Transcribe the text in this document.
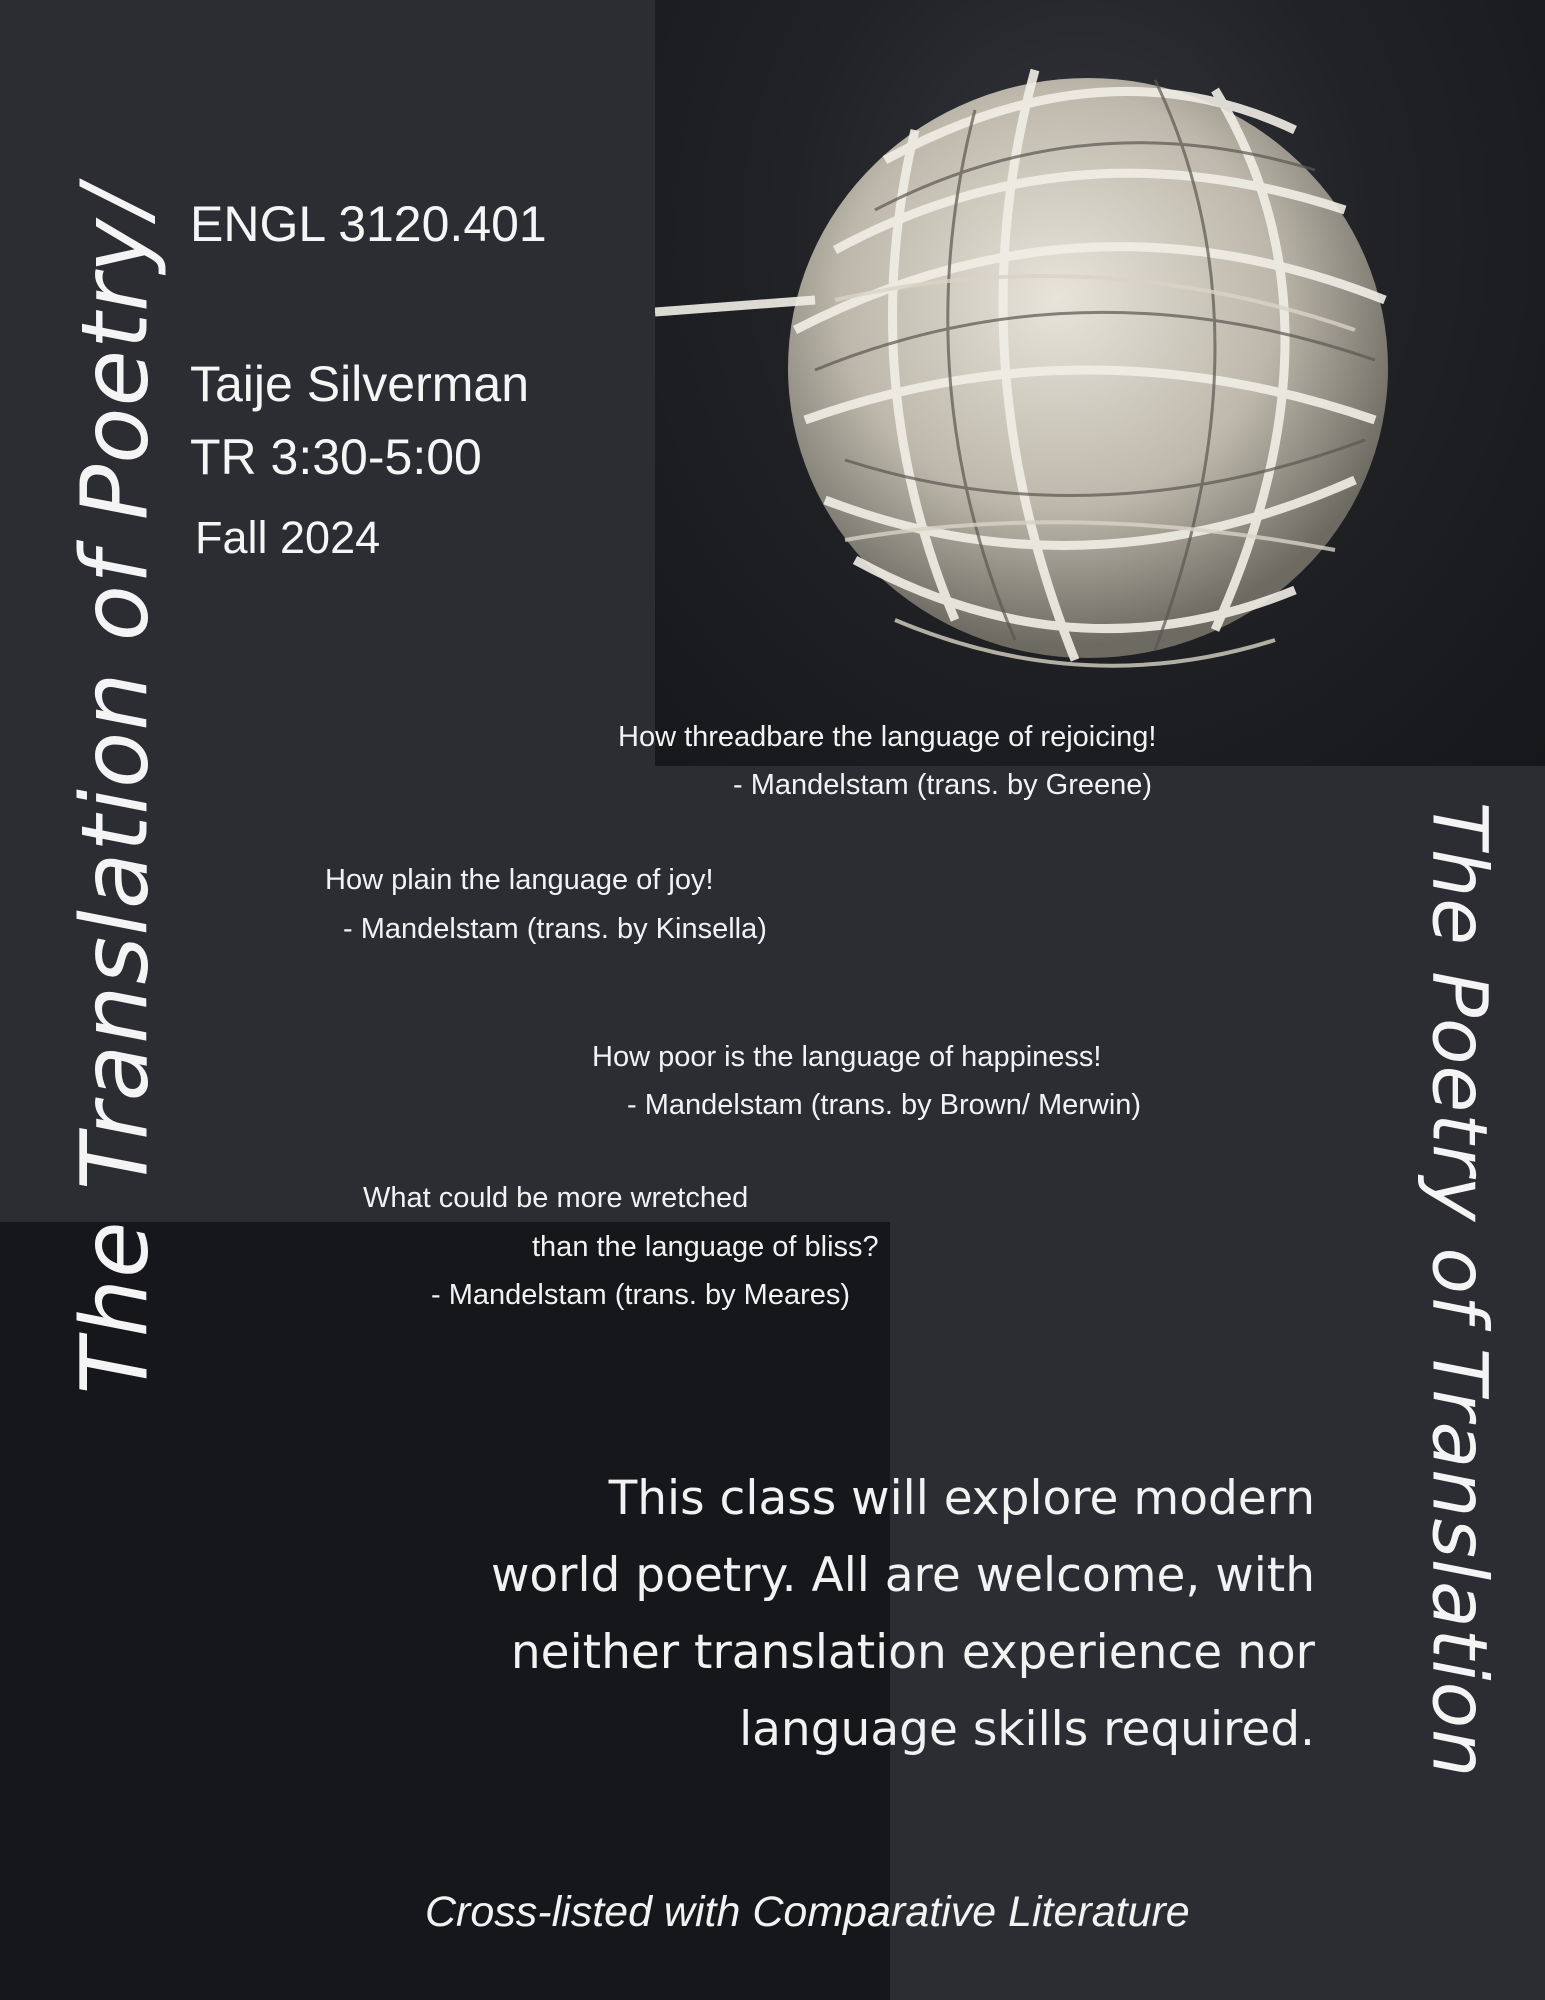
The Translation of Poetry/	The Poetry of Translation
ENGL 3120.401
Taije Silverman
TR 3:30-5:00
Fall 2024
How threadbare the language of rejoicing!
- Mandelstam (trans. by Greene)
How plain the language of joy!
- Mandelstam (trans. by Kinsella)
How poor is the language of happiness!
- Mandelstam (trans. by Brown/ Merwin)
What could be more wretched
than the language of bliss?
- Mandelstam (trans. by Meares)
This class will explore modern
world poetry. All are welcome, with
neither translation experience nor
language skills required.
Cross-listed with Comparative Literature
